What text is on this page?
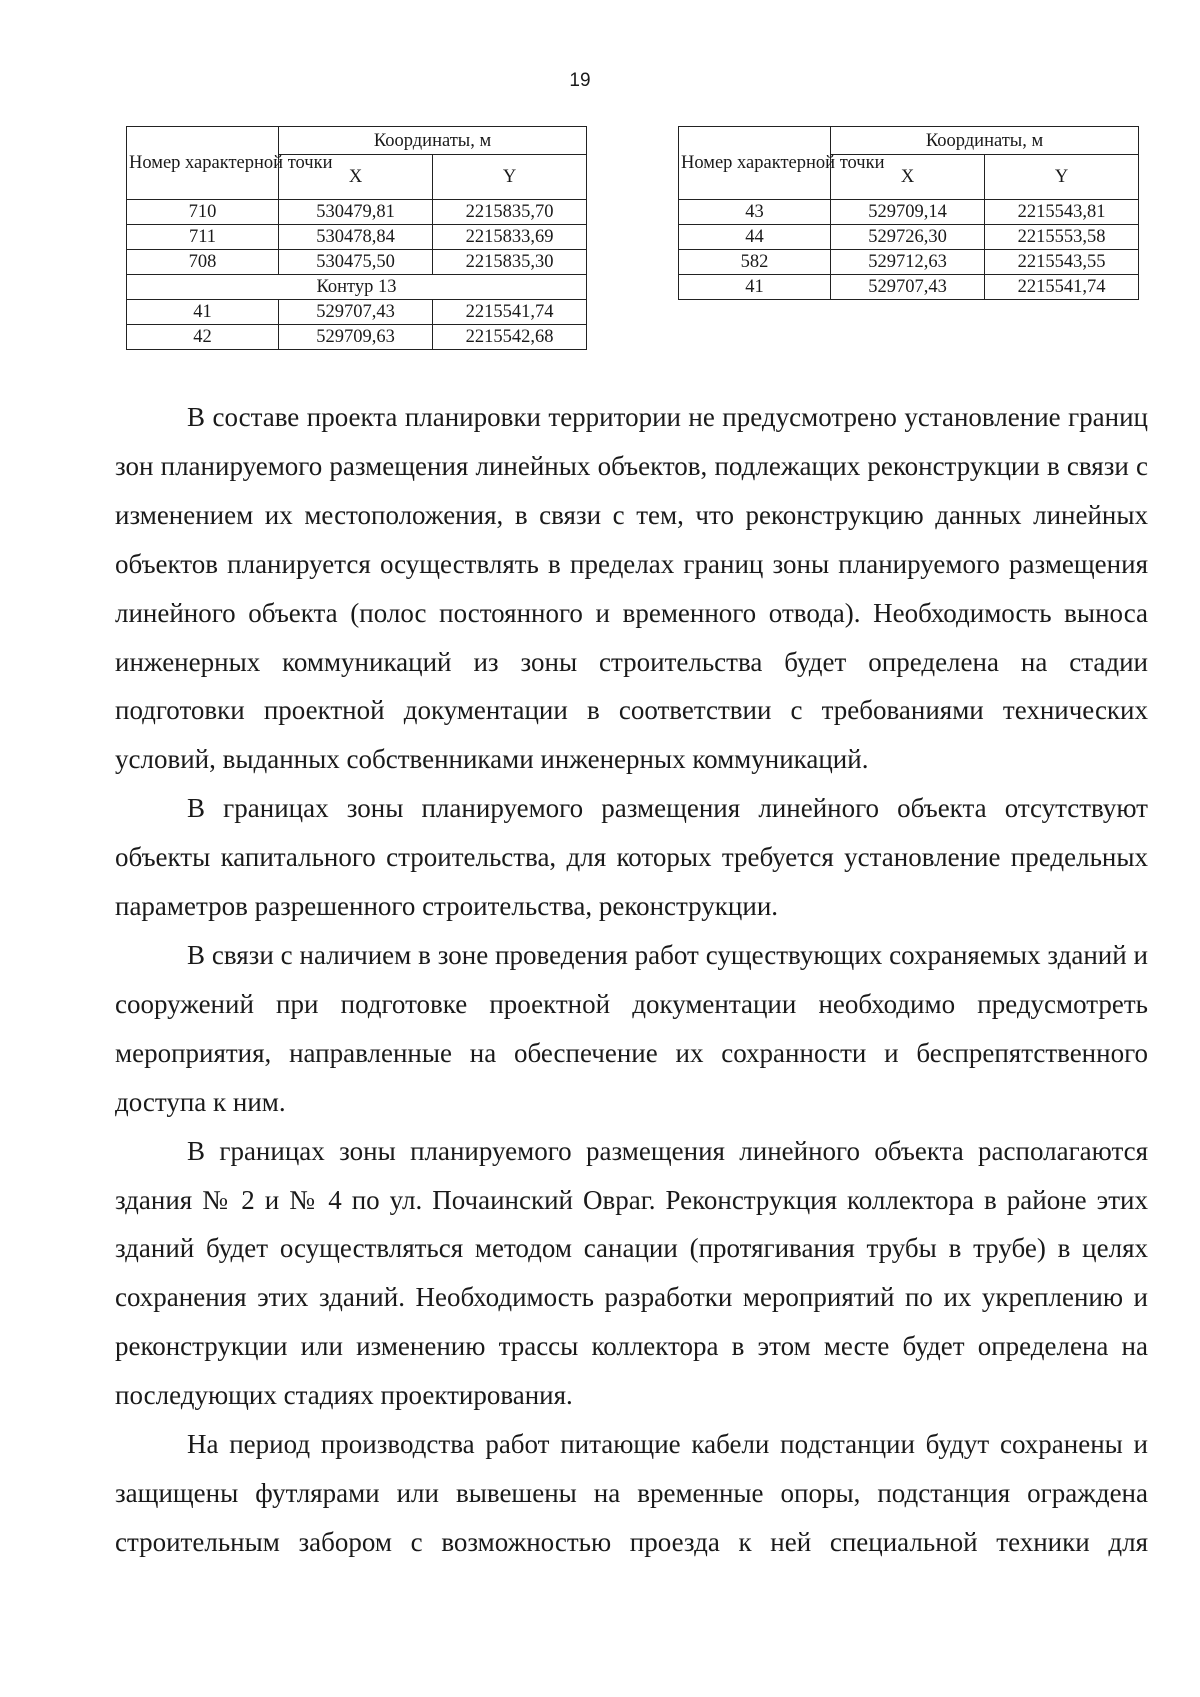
19
Номер характерной точки	Координаты, м	
	X	Y
710	530479,81	2215835,70
711	530478,84	2215833,69
708	530475,50	2215835,30
Контур 13		
41	529707,43	2215541,74
42	529709,63	2215542,68
Номер характерной точки	Координаты, м	
	X	Y
43	529709,14	2215543,81
44	529726,30	2215553,58
582	529712,63	2215543,55
41	529707,43	2215541,74

В составе проекта планировки территории не предусмотрено установление границ зон планируемого размещения линейных объектов, подлежащих реконструкции в связи с изменением их местоположения, в связи с тем, что реконструкцию данных линейных объектов планируется осуществлять в пределах границ зоны планируемого размещения линейного объекта (полос постоянного и временного отвода). Необходимость выноса инженерных коммуникаций из зоны строительства будет определена на стадии подготовки проектной документации в соответствии с требованиями технических условий, выданных собственниками инженерных коммуникаций.

В границах зоны планируемого размещения линейного объекта отсутствуют объекты капитального строительства, для которых требуется установление предельных параметров разрешенного строительства, реконструкции.

В связи с наличием в зоне проведения работ существующих сохраняемых зданий и сооружений при подготовке проектной документации необходимо предусмотреть мероприятия, направленные на обеспечение их сохранности и беспрепятственного доступа к ним.

В границах зоны планируемого размещения линейного объекта располагаются здания № 2 и № 4 по ул. Почаинский Овраг. Реконструкция коллектора в районе этих зданий будет осуществляться методом санации (протягивания трубы в трубе) в целях сохранения этих зданий. Необходимость разработки мероприятий по их укреплению и реконструкции или изменению трассы коллектора в этом месте будет определена на последующих стадиях проектирования.

На период производства работ питающие кабели подстанции будут сохранены и защищены футлярами или вывешены на временные опоры, подстанция ограждена строительным забором с возможностью проезда к ней специальной техники для
